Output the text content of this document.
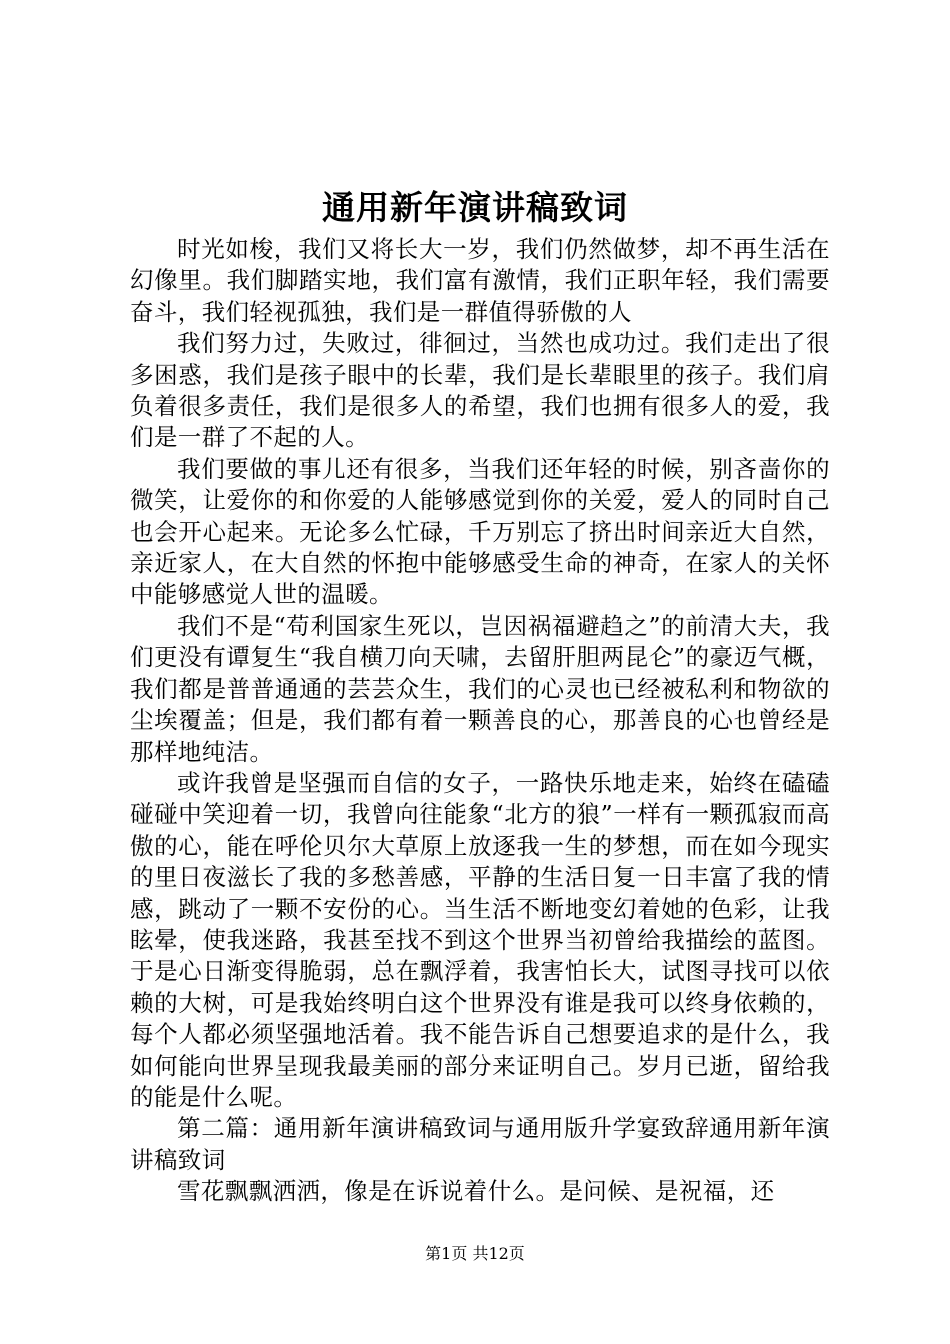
通用新年演讲稿致词

时光如梭，我们又将长大一岁，我们仍然做梦，却不再生活在幻像里。我们脚踏实地，我们富有激情，我们正职年轻，我们需要奋斗，我们轻视孤独，我们是一群值得骄傲的人

我们努力过，失败过，徘徊过，当然也成功过。我们走出了很多困惑，我们是孩子眼中的长辈，我们是长辈眼里的孩子。我们肩负着很多责任，我们是很多人的希望，我们也拥有很多人的爱，我们是一群了不起的人。

我们要做的事儿还有很多，当我们还年轻的时候，别吝啬你的微笑，让爱你的和你爱的人能够感觉到你的关爱，爱人的同时自己也会开心起来。无论多么忙碌，千万别忘了挤出时间亲近大自然，亲近家人，在大自然的怀抱中能够感受生命的神奇，在家人的关怀中能够感觉人世的温暖。

我们不是“苟利国家生死以，岂因祸福避趋之”的前清大夫，我们更没有谭复生“我自横刀向天啸，去留肝胆两昆仑”的豪迈气概，我们都是普普通通的芸芸众生，我们的心灵也已经被私利和物欲的尘埃覆盖；但是，我们都有着一颗善良的心，那善良的心也曾经是那样地纯洁。

或许我曾是坚强而自信的女子，一路快乐地走来，始终在磕磕碰碰中笑迎着一切，我曾向往能象“北方的狼”一样有一颗孤寂而高傲的心，能在呼伦贝尔大草原上放逐我一生的梦想，而在如今现实的里日夜滋长了我的多愁善感，平静的生活日复一日丰富了我的情感，跳动了一颗不安份的心。当生活不断地变幻着她的色彩，让我眩晕，使我迷路，我甚至找不到这个世界当初曾给我描绘的蓝图。于是心日渐变得脆弱，总在飘浮着，我害怕长大，试图寻找可以依赖的大树，可是我始终明白这个世界没有谁是我可以终身依赖的，每个人都必须坚强地活着。我不能告诉自己想要追求的是什么，我如何能向世界呈现我最美丽的部分来证明自己。岁月已逝，留给我的能是什么呢。

第二篇：通用新年演讲稿致词与通用版升学宴致辞通用新年演讲稿致词

雪花飘飘洒洒，像是在诉说着什么。是问候、是祝福，还

第1页 共12页
